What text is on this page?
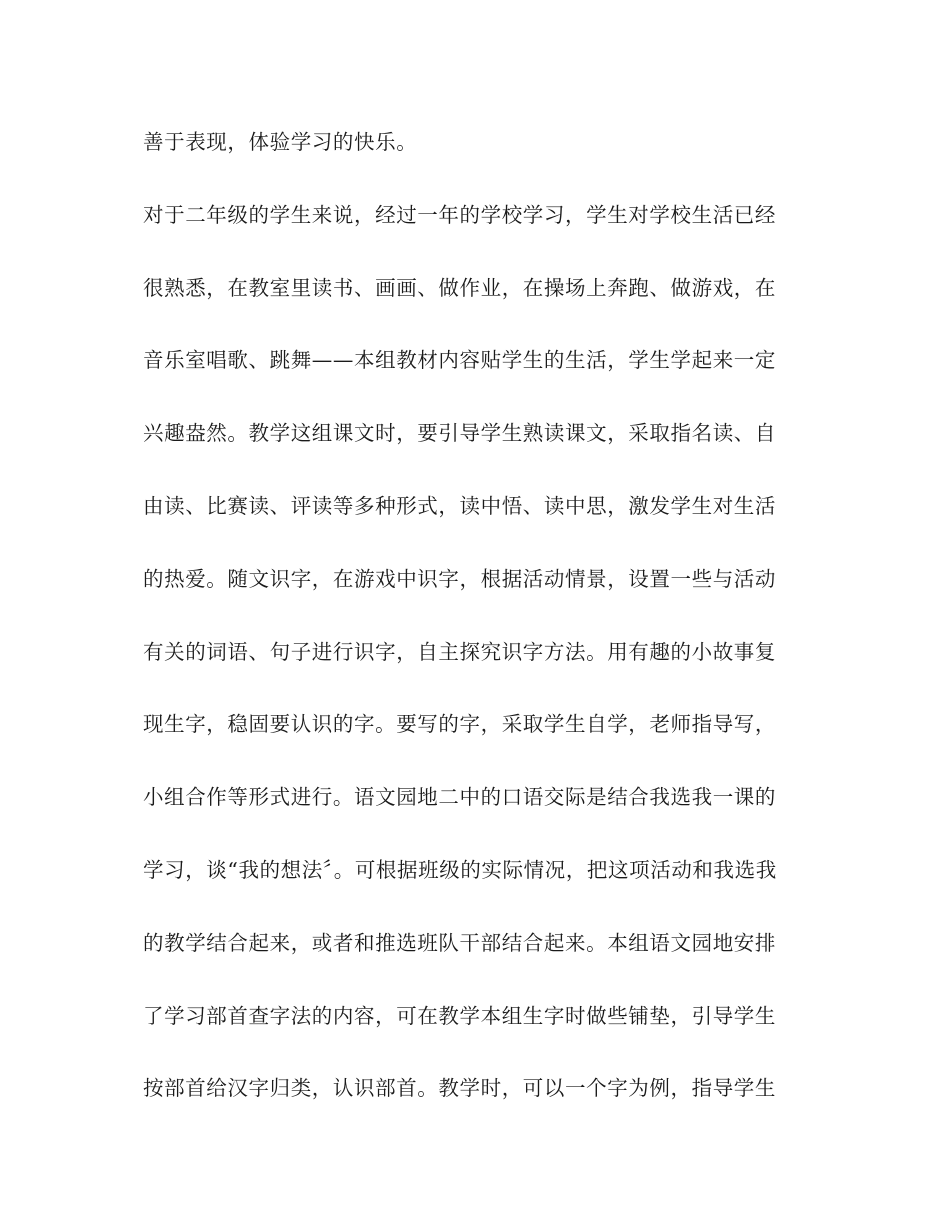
善于表现，体验学习的快乐。
对于二年级的学生来说，经过一年的学校学习，学生对学校生活已经
很熟悉，在教室里读书、画画、做作业，在操场上奔跑、做游戏，在
音乐室唱歌、跳舞——本组教材内容贴学生的生活，学生学起来一定
兴趣盎然。教学这组课文时，要引导学生熟读课文，采取指名读、自
由读、比赛读、评读等多种形式，读中悟、读中思，激发学生对生活
的热爱。随文识字，在游戏中识字，根据活动情景，设置一些与活动
有关的词语、句子进行识字，自主探究识字方法。用有趣的小故事复
现生字，稳固要认识的字。要写的字，采取学生自学，老师指导写，
小组合作等形式进行。语文园地二中的口语交际是结合我选我一课的
学习，谈“我的想法〞。可根据班级的实际情况，把这项活动和我选我
的教学结合起来，或者和推选班队干部结合起来。本组语文园地安排
了学习部首查字法的内容，可在教学本组生字时做些铺垫，引导学生
按部首给汉字归类，认识部首。教学时，可以一个字为例，指导学生
